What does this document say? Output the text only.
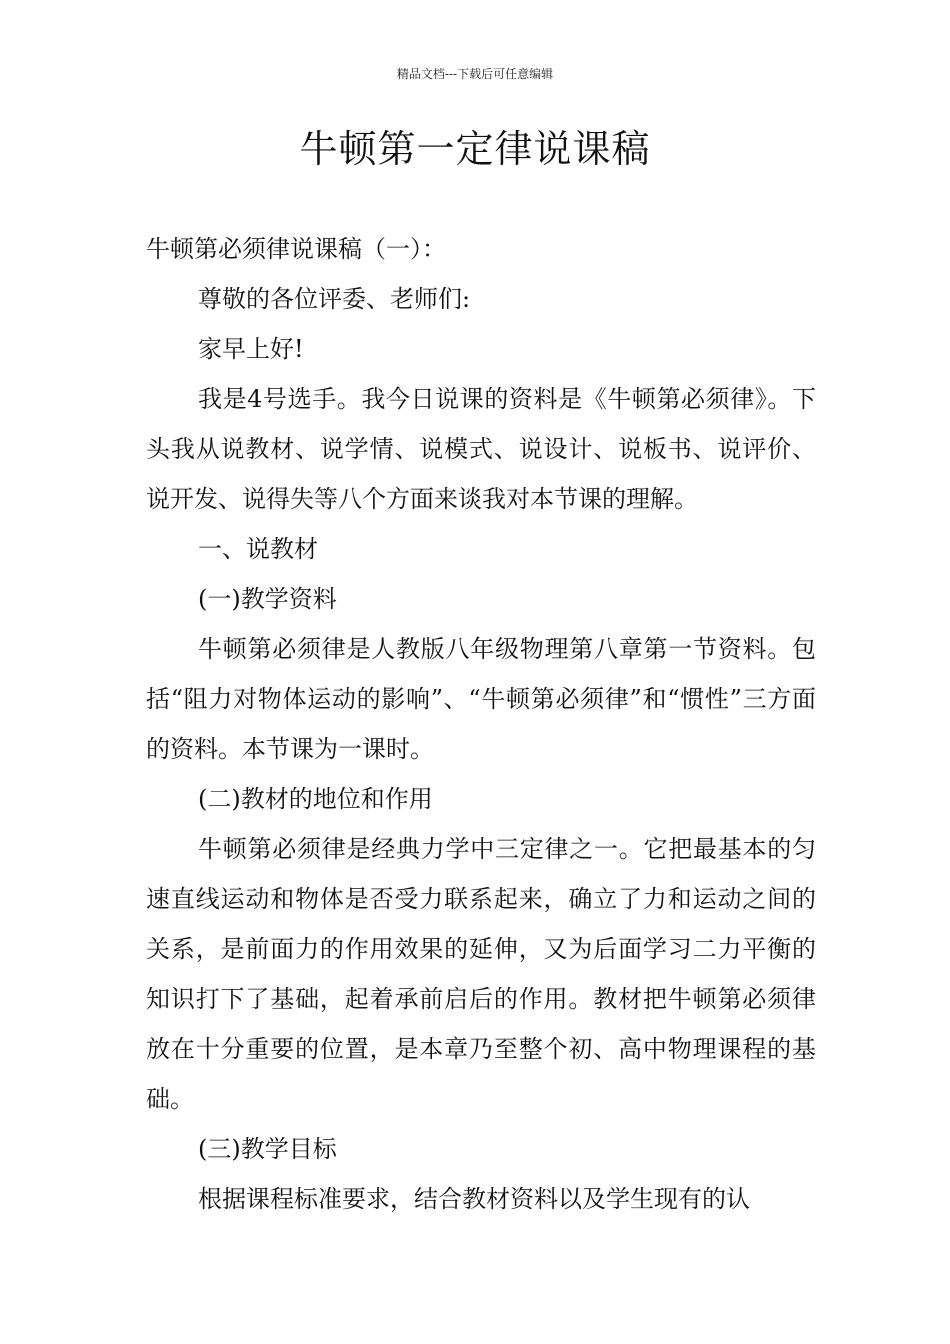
精品文档---下载后可任意编辑
牛顿第一定律说课稿

牛顿第必须律说课稿（一）：

尊敬的各位评委、老师们:

家早上好!

我是4号选手。我今日说课的资料是《牛顿第必须律》。下头我从说教材、说学情、说模式、说设计、说板书、说评价、说开发、说得失等八个方面来谈我对本节课的理解。

一、说教材

(一)教学资料

牛顿第必须律是人教版八年级物理第八章第一节资料。包括“阻力对物体运动的影响”、“牛顿第必须律”和“惯性”三方面的资料。本节课为一课时。

(二)教材的地位和作用

牛顿第必须律是经典力学中三定律之一。它把最基本的匀速直线运动和物体是否受力联系起来，确立了力和运动之间的关系，是前面力的作用效果的延伸，又为后面学习二力平衡的知识打下了基础，起着承前启后的作用。教材把牛顿第必须律放在十分重要的位置，是本章乃至整个初、高中物理课程的基础。

(三)教学目标

根据课程标准要求，结合教材资料以及学生现有的认
